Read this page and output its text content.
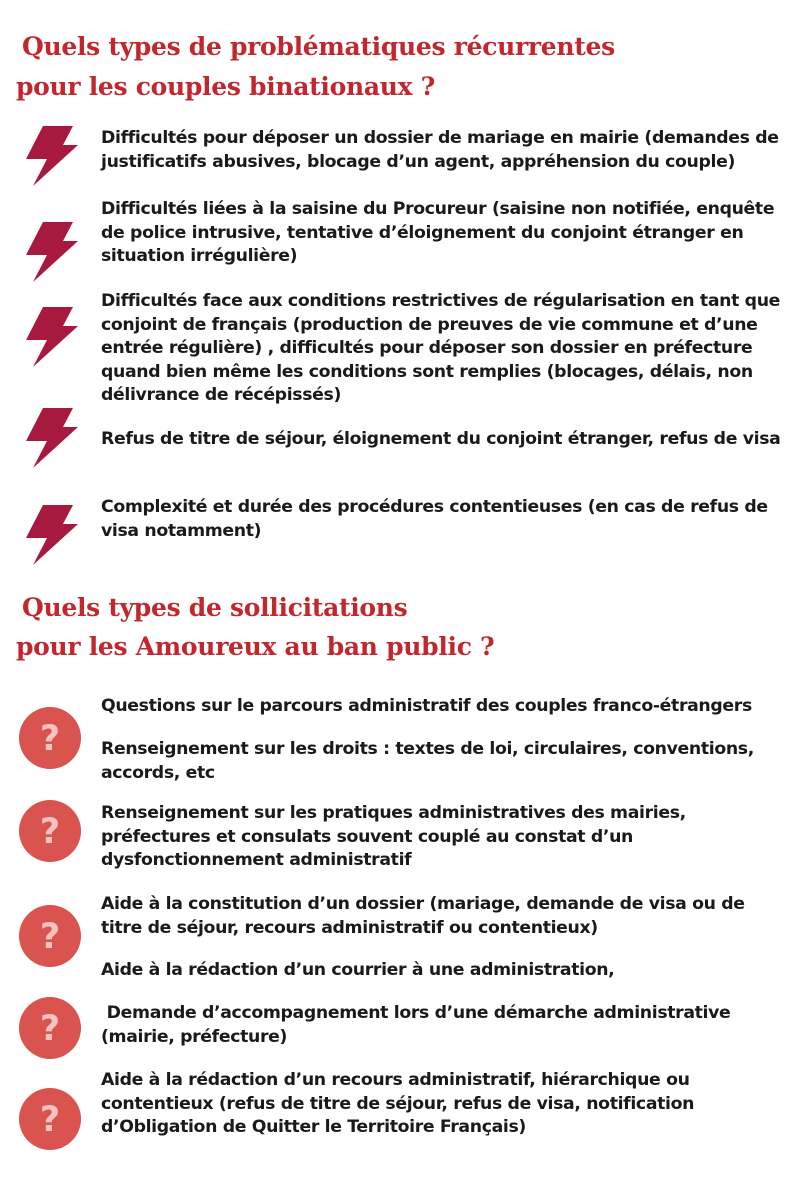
Quels types de problématiques récurrentes
pour les couples binationaux ?

Difficultés pour déposer un dossier de mariage en mairie (demandes de justificatifs abusives, blocage d’un agent, appréhension du couple)

Difficultés liées à la saisine du Procureur (saisine non notifiée, enquête de police intrusive, tentative d’éloignement du conjoint étranger en situation irrégulière)

Difficultés face aux conditions restrictives de régularisation en tant que conjoint de français (production de preuves de vie commune et d’une entrée régulière) , difficultés pour déposer son dossier en préfecture quand bien même les conditions sont remplies (blocages, délais, non délivrance de récépissés)

Refus de titre de séjour, éloignement du conjoint étranger, refus de visa

Complexité et durée des procédures contentieuses (en cas de refus de visa notamment)

Quels types de sollicitations
pour les Amoureux au ban public ?
?
?
?
?
?

Questions sur le parcours administratif des couples franco-étrangers

Renseignement sur les droits : textes de loi, circulaires, conventions, accords, etc

Renseignement sur les pratiques administratives des mairies, préfectures et consulats souvent couplé au constat d’un dysfonctionnement administratif

Aide à la constitution d’un dossier (mariage, demande de visa ou de titre de séjour, recours administratif ou contentieux)

Aide à la rédaction d’un courrier à une administration,

Demande d’accompagnement lors d’une démarche administrative (mairie, préfecture)

Aide à la rédaction d’un recours administratif, hiérarchique ou contentieux (refus de titre de séjour, refus de visa, notification d’Obligation de Quitter le Territoire Français)
